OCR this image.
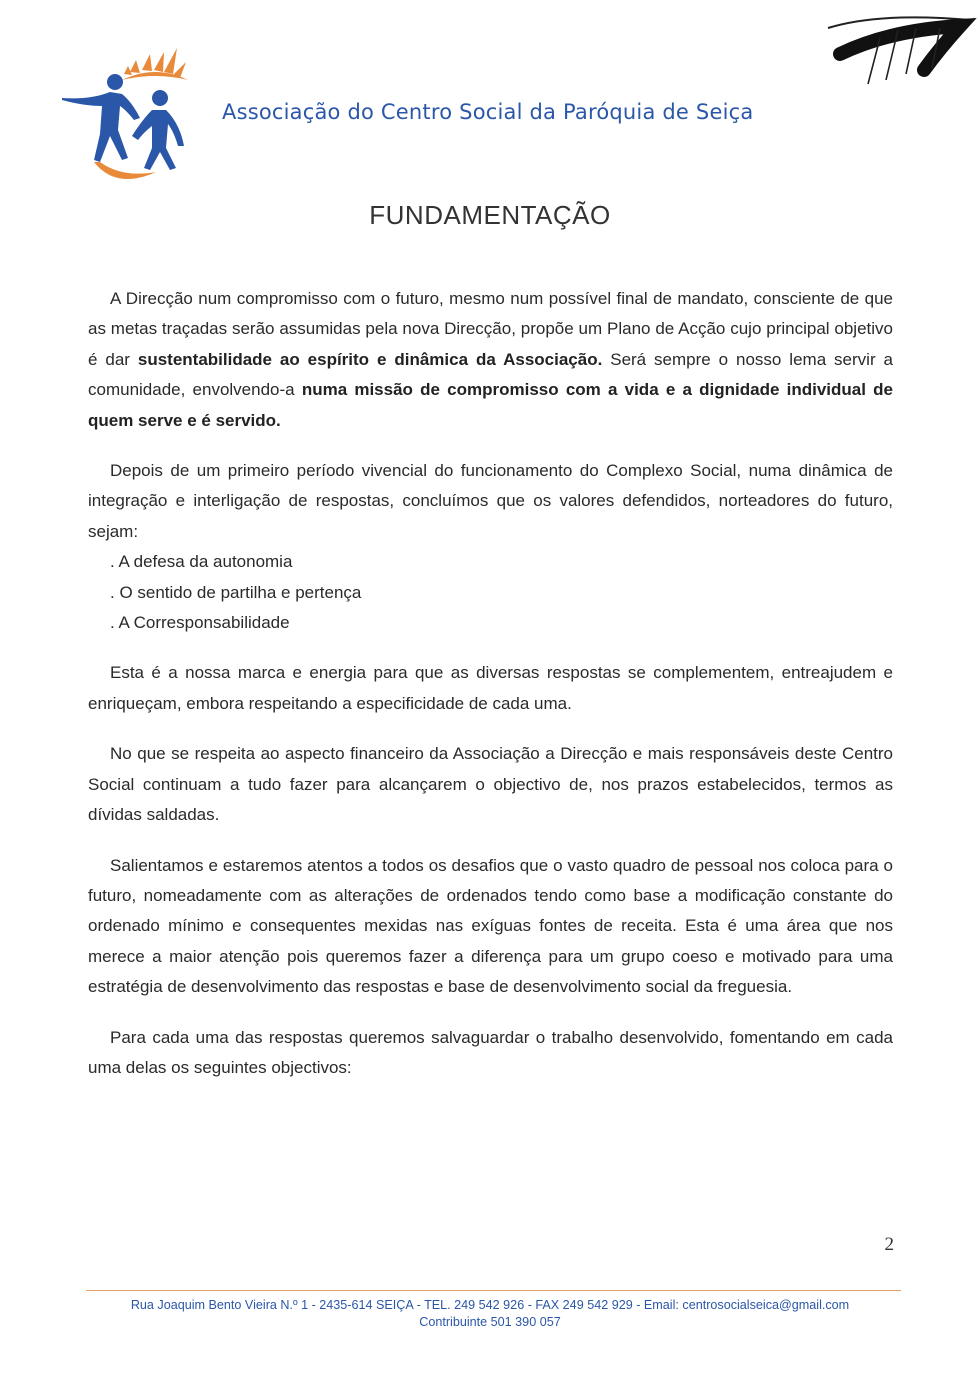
Associação do Centro Social da Paróquia de Seiça
FUNDAMENTAÇÃO

A Direcção num compromisso com o futuro, mesmo num possível final de mandato, consciente de que as metas traçadas serão assumidas pela nova Direcção, propõe um Plano de Acção cujo principal objetivo é dar sustentabilidade ao espírito e dinâmica da Associação. Será sempre o nosso lema servir a comunidade, envolvendo-a numa missão de compromisso com a vida e a dignidade individual de quem serve e é servido.

Depois de um primeiro período vivencial do funcionamento do Complexo Social, numa dinâmica de integração e interligação de respostas, concluímos que os valores defendidos, norteadores do futuro, sejam:

. A defesa da autonomia
. O sentido de partilha e pertença
. A Corresponsabilidade

Esta é a nossa marca e energia para que as diversas respostas se complementem, entreajudem e enriqueçam, embora respeitando a especificidade de cada uma.

No que se respeita ao aspecto financeiro da Associação a Direcção e mais responsáveis deste Centro Social continuam a tudo fazer para alcançarem o objectivo de, nos prazos estabelecidos, termos as dívidas saldadas.

Salientamos e estaremos atentos a todos os desafios que o vasto quadro de pessoal nos coloca para o futuro, nomeadamente com as alterações de ordenados tendo como base a modificação constante do ordenado mínimo e consequentes mexidas nas exíguas fontes de receita. Esta é uma área que nos merece a maior atenção pois queremos fazer a diferença para um grupo coeso e motivado para uma estratégia de desenvolvimento das respostas e base de desenvolvimento social da freguesia.

Para cada uma das respostas queremos salvaguardar o trabalho desenvolvido, fomentando em cada uma delas os seguintes objectivos:

2
Rua Joaquim Bento Vieira N.º 1 - 2435-614 SEIÇA - TEL. 249 542 926 - FAX 249 542 929 - Email: centrosocialseica@gmail.com
Contribuinte 501 390 057
